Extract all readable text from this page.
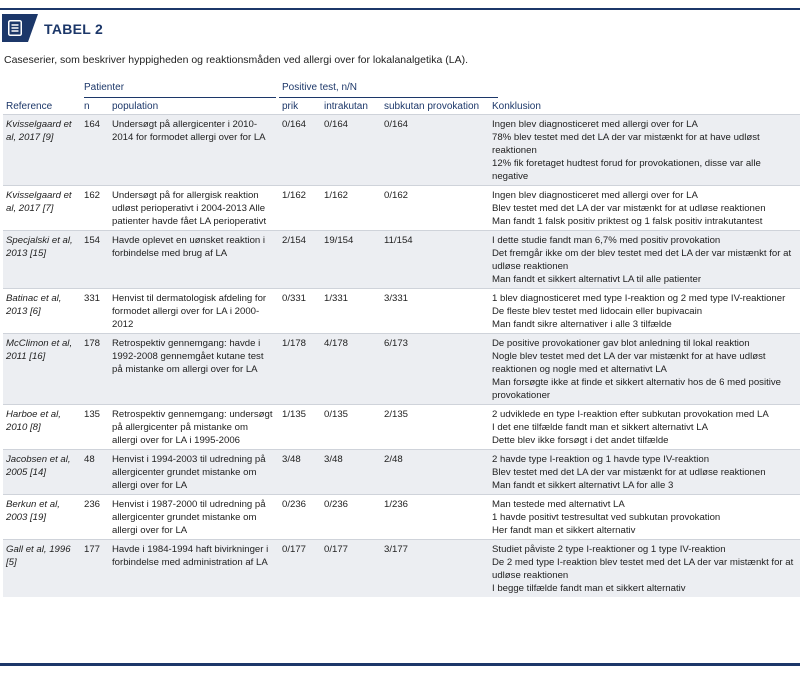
TABEL 2
Caseserier, som beskriver hyppigheden og reaktionsmåden ved allergi over for lokalanalgetika (LA).

	Patienter			Positive test, n/N		

Reference	n	population	prik	intrakutan	subkutan provokation	Konklusion
Kvisselgaard et al, 2017 [9]	164	Undersøgt på allergicenter i 2010-2014 for formodet allergi over for LA	0/164	0/164	0/164	Ingen blev diagnosticeret med allergi over for LA
78% blev testet med det LA der var mistænkt for at have udløst reaktionen
12% fik foretaget hudtest forud for provokationen, disse var alle negative

Kvisselgaard et al, 2017 [7]	162	Undersøgt på for allergisk reaktion udløst perioperativt i 2004-2013 Alle patienter havde fået LA perioperativt	1/162	1/162	0/162	Ingen blev diagnosticeret med allergi over for LA
Blev testet med det LA der var mistænkt for at udløse reaktionen
Man fandt 1 falsk positiv priktest og 1 falsk positiv intrakutantest

Specjalski et al, 2013 [15]	154	Havde oplevet en uønsket reaktion i forbindelse med brug af LA	2/154	19/154	11/154	I dette studie fandt man 6,7% med positiv provokation
Det fremgår ikke om der blev testet med det LA der var mistænkt for at udløse reaktionen
Man fandt et sikkert alternativt LA til alle patienter

Batinac et al, 2013 [6]	331	Henvist til dermatologisk afdeling for formodet allergi over for LA i 2000-2012	0/331	1/331	3/331	1 blev diagnosticeret med type I-reaktion og 2 med type IV-reaktioner
De fleste blev testet med lidocain eller bupivacain
Man fandt sikre alternativer i alle 3 tilfælde

McClimon et al, 2011 [16]	178	Retrospektiv gennemgang: havde i 1992-2008 gennemgået kutane test på mistanke om allergi over for LA	1/178	4/178	6/173	De positive provokationer gav blot anledning til lokal reaktion
Nogle blev testet med det LA der var mistænkt for at have udløst reaktionen og nogle med et alternativt LA
Man forsøgte ikke at finde et sikkert alternativ hos de 6 med positive provokationer

Harboe et al, 2010 [8]	135	Retrospektiv gennemgang: undersøgt på allergicenter på mistanke om allergi over for LA i 1995-2006	1/135	0/135	2/135	2 udviklede en type I-reaktion efter subkutan provokation med LA
I det ene tilfælde fandt man et sikkert alternativt LA
Dette blev ikke forsøgt i det andet tilfælde

Jacobsen et al, 2005 [14]	48	Henvist i 1994-2003 til udredning på allergicenter grundet mistanke om allergi over for LA	3/48	3/48	2/48	2 havde type I-reaktion og 1 havde type IV-reaktion
Blev testet med det LA der var mistænkt for at udløse reaktionen
Man fandt et sikkert alternativt LA for alle 3

Berkun et al, 2003 [19]	236	Henvist i 1987-2000 til udredning på allergicenter grundet mistanke om allergi over for LA	0/236	0/236	1/236	Man testede med alternativt LA
1 havde positivt testresultat ved subkutan provokation
Her fandt man et sikkert alternativ

Gall et al, 1996 [5]	177	Havde i 1984-1994 haft bivirkninger i forbindelse med administration af LA	0/177	0/177	3/177	Studiet påviste 2 type I-reaktioner og 1 type IV-reaktion
De 2 med type I-reaktion blev testet med det LA der var mistænkt for at udløse reaktionen
I begge tilfælde fandt man et sikkert alternativ
